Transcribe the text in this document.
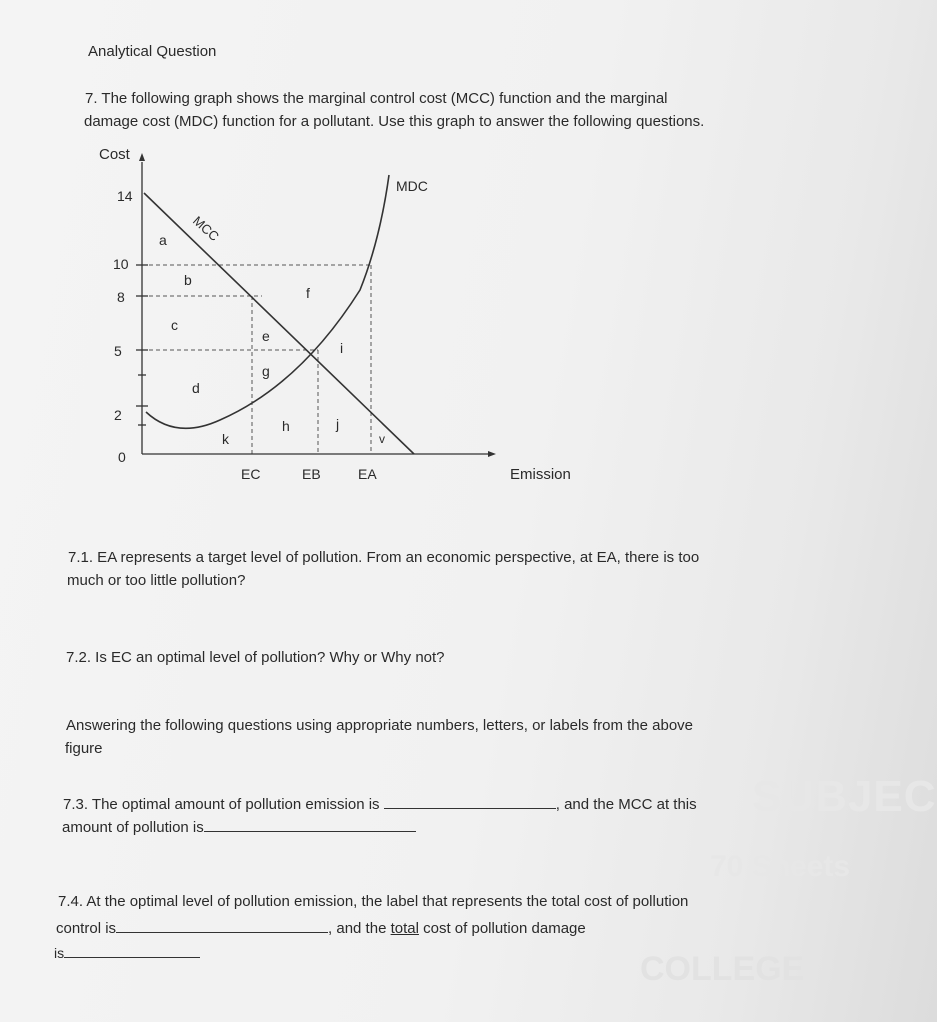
SUBJEC
70 Sheets
COLLEGE
Analytical Question
7. The following graph shows the marginal control cost (MCC) function and the marginal
damage cost (MDC) function for a pollutant. Use this graph to answer the following questions.
14
10
8
5
2
0
Cost
Emission
EC	EB	EA
MCC
MDC
a
b
c
d
e
f
g
h
i
j
k	v
7.1. EA represents a target level of pollution. From an economic perspective, at EA, there is too
much or too little pollution?
7.2. Is EC an optimal level of pollution? Why or Why not?
Answering the following questions using appropriate numbers, letters, or labels from the above
figure
7.3. The optimal amount of pollution emission is	, and the MCC at this
amount of pollution is
7.4. At the optimal level of pollution emission, the label that represents the total cost of pollution
control is	, and the total cost of pollution damage
is
